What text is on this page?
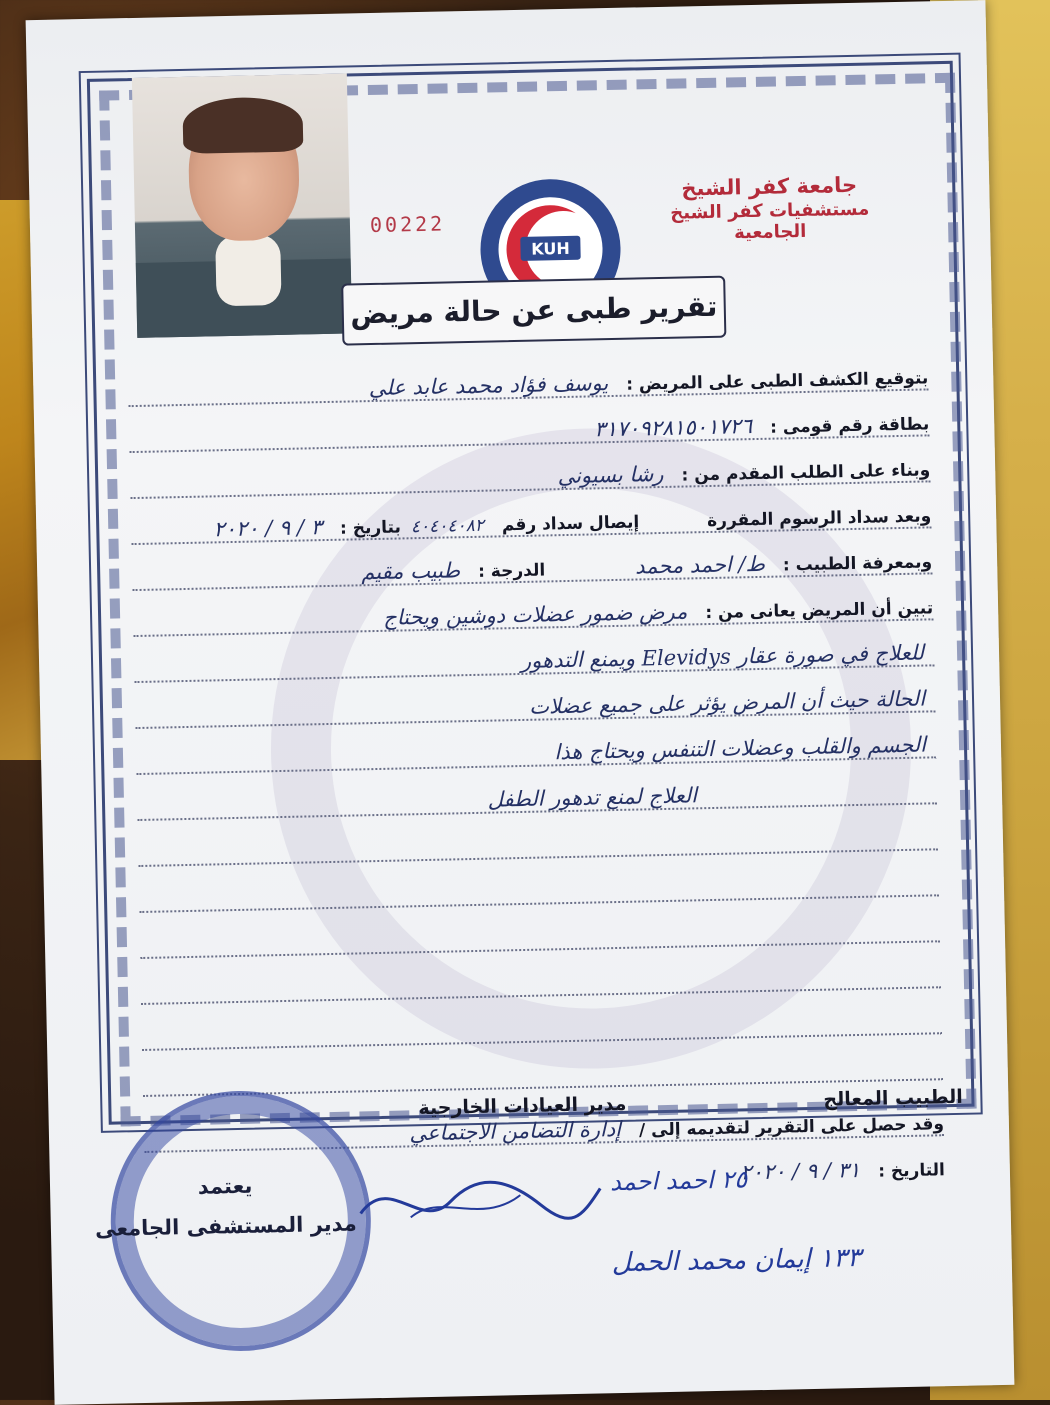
00222
KUH
جامعة كفر الشيخ
مستشفيات كفر الشيخ الجامعية
تقرير طبى عن حالة مريض
بتوقيع الكشف الطبى على المريض :
يوسف فؤاد محمد عابد علي
بطاقة رقم قومى :
٣١٧٠٩٢٨١٥٠١٧٢٦
وبناء على الطلب المقدم من :
رشا بسيوني
وبعد سداد الرسوم المقررة
إيصال سداد رقم
٤٠٤٠٤٠٨٢
بتاريخ :
٣ / ٩ / ٢٠٢٠
وبمعرفة الطبيب :
ط/ احمد محمد
الدرجة :
طبيب مقيم
تبين أن المريض يعانى من :
مرض ضمور عضلات دوشين ويحتاج
للعلاج في صورة عقار Elevidys ويمنع التدهور
الحالة حيث أن المرض يؤثر على جميع عضلات
الجسم والقلب وعضلات التنفس ويحتاج هذا
العلاج لمنع تدهور الطفل
وقد حصل على التقرير لتقديمه إلى /
إدارة التضامن الاجتماعي
التاريخ :
٣١ / ٩ / ٢٠٢٠
الطبيب المعالج
مدير العيادات الخارجية
يعتمد
مدير المستشفى الجامعى
٢٥ احمد احمد
١٣٣ إيمان محمد الحمل
